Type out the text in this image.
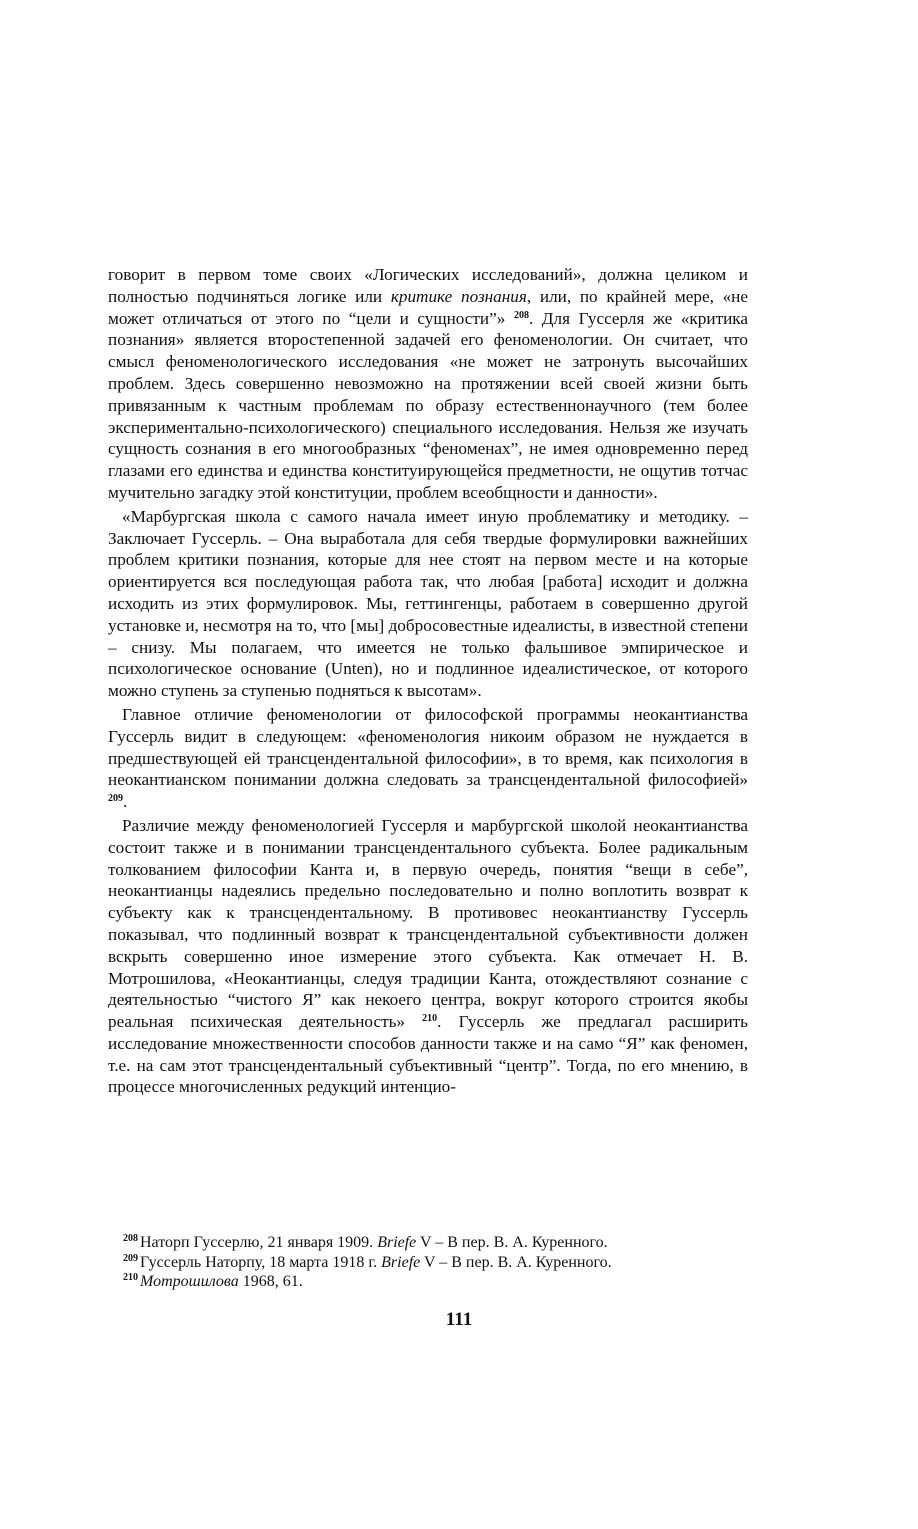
говорит в первом томе своих «Логических исследований», должна целиком и полностью подчиняться логике или критике познания, или, по крайней мере, «не может отличаться от этого по “цели и сущности”» $^{208}$. Для Гуссерля же «критика познания» является второстепенной задачей его феноменологии. Он считает, что смысл феноменологического исследования «не может не затронуть высочайших проблем. Здесь совершенно невозможно на протяжении всей своей жизни быть привязанным к частным проблемам по образу естественнонаучного (тем более экспериментально-психологического) специального исследования. Нельзя же изучать сущность сознания в его многообразных “феноменах”, не имея одновременно перед глазами его единства и единства конституирующейся предметности, не ощутив тотчас мучительно загадку этой конституции, проблем всеобщности и данности».

«Марбургская школа с самого начала имеет иную проблематику и методику. – Заключает Гуссерль. – Она выработала для себя твердые формулировки важнейших проблем критики познания, которые для нее стоят на первом месте и на которые ориентируется вся последующая работа так, что любая [работа] исходит и должна исходить из этих формулировок. Мы, геттингенцы, работаем в совершенно другой установке и, несмотря на то, что [мы] добросовестные идеалисты, в известной степени – снизу. Мы полагаем, что имеется не только фальшивое эмпирическое и психологическое основание (Unten), но и подлинное идеалистическое, от которого можно ступень за ступенью подняться к высотам».

Главное отличие феноменологии от философской программы неокантианства Гуссерль видит в следующем: «феноменология никоим образом не нуждается в предшествующей ей трансцендентальной философии», в то время, как психология в неокантианском понимании должна следовать за трансцендентальной философией» $^{209}$.

Различие между феноменологией Гуссерля и марбургской школой неокантианства состоит также и в понимании трансцендентального субъекта. Более радикальным толкованием философии Канта и, в первую очередь, понятия “вещи в себе”, неокантианцы надеялись предельно последовательно и полно воплотить возврат к субъекту как к трансцендентальному. В противовес неокантианству Гуссерль показывал, что подлинный возврат к трансцендентальной субъективности должен вскрыть совершенно иное измерение этого субъекта. Как отмечает Н. В. Мотрошилова, «Неокантианцы, следуя традиции Канта, отождествляют сознание с деятельностью “чистого Я” как некоего центра, вокруг которого строится якобы реальная психическая деятельность» $^{210}$. Гуссерль же предлагал расширить исследование множественности способов данности также и на само “Я” как феномен, т.е. на сам этот трансцендентальный субъективный “центр”. Тогда, по его мнению, в процессе многочисленных редукций интенцио-

$^{208}$ Наторп Гуссерлю, 21 января 1909. Briefe V – В пер. В. А. Куренного.

$^{209}$ Гуссерль Наторпу, 18 марта 1918 г. Briefe V – В пер. В. А. Куренного.

$^{210}$ Мотрошилова 1968, 61.

111
